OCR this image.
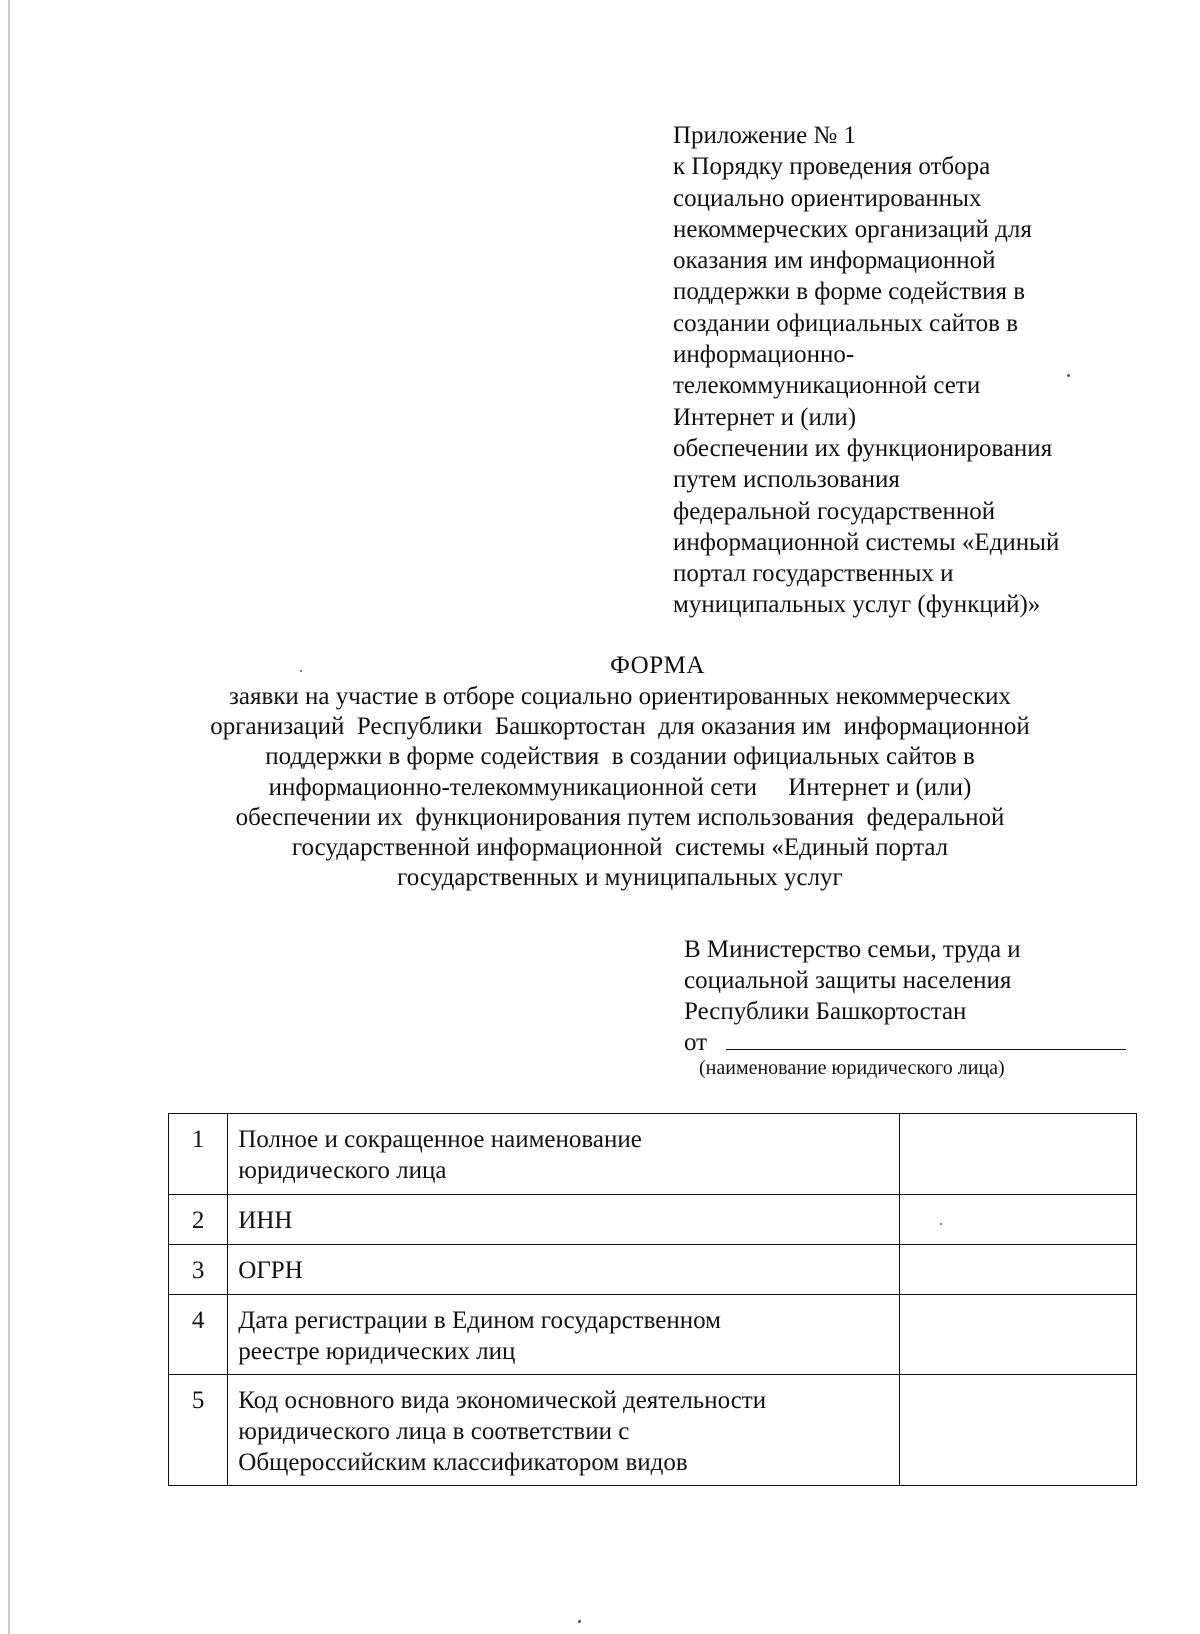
Приложение № 1
к Порядку проведения отбора
социально ориентированных
некоммерческих организаций для
оказания им информационной
поддержки в форме содействия в
создании официальных сайтов в
информационно-
телекоммуникационной сети
Интернет и (или)
обеспечении их функционирования
путем использования
федеральной государственной
информационной системы «Единый
портал государственных и
муниципальных услуг (функций)»
ФОРМА
заявки на участие в отборе социально ориентированных некоммерческих
организаций  Республики  Башкортостан  для оказания им  информационной
поддержки в форме содействия  в создании официальных сайтов в
информационно-телекоммуникационной сети     Интернет и (или)
обеспечении их  функционирования путем использования  федеральной
государственной информационной  системы «Единый портал
государственных и муниципальных услуг
В Министерство семьи, труда и
социальной защиты населения
Республики Башкортостан
от
(наименование юридического лица)
1	Полное и сокращенное наименование
юридического лица	

2	ИНН	

3	ОГРН	

4	Дата регистрации в Едином государственном
реестре юридических лиц	

5	Код основного вида экономической деятельности
юридического лица в соответствии с
Общероссийским классификатором видов	
